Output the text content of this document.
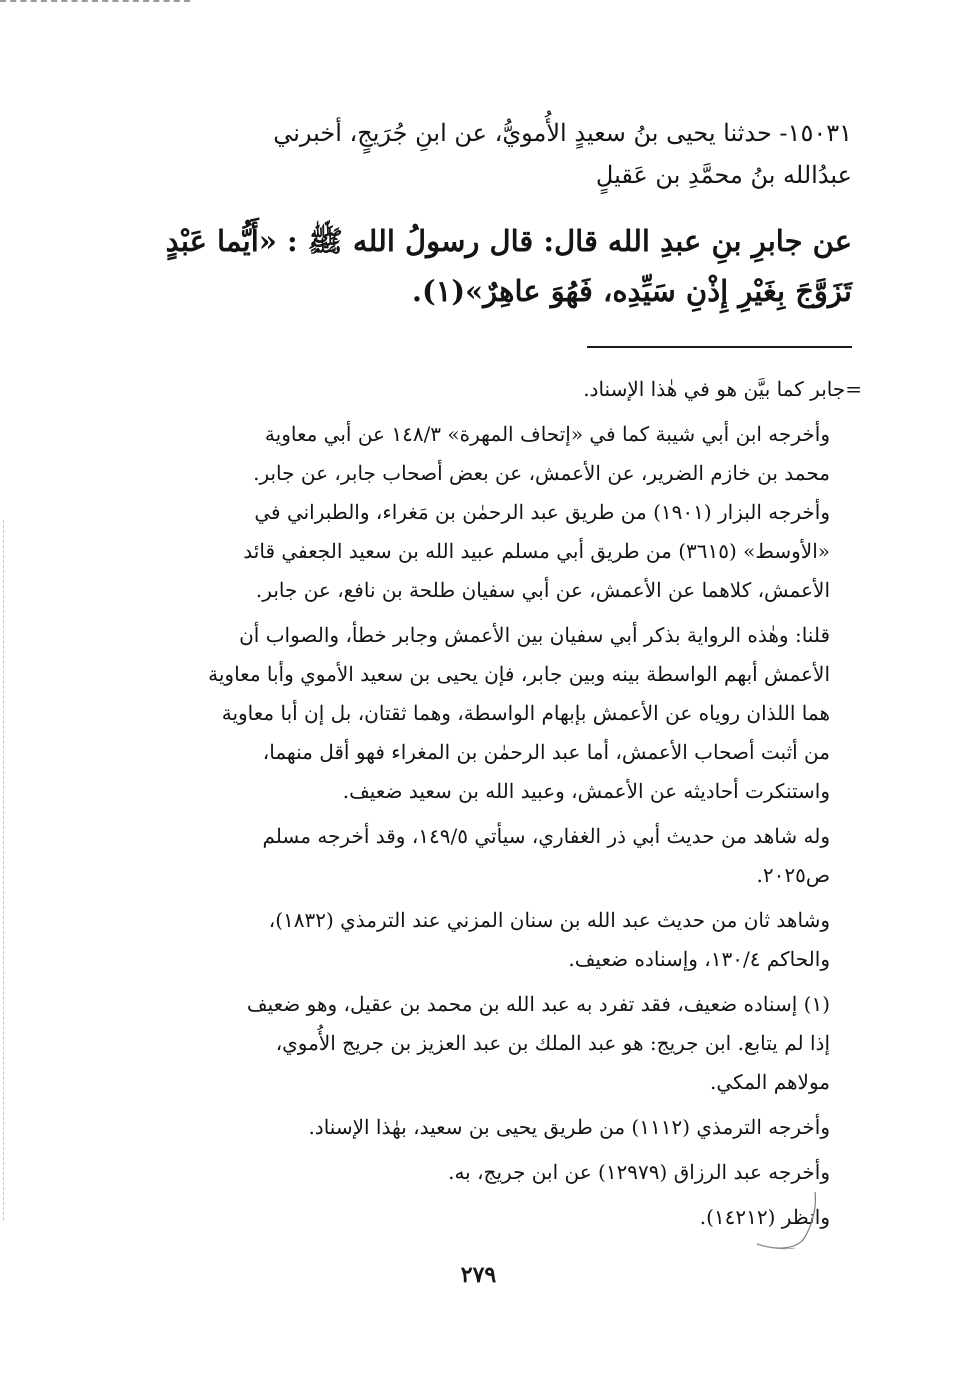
١٥٠٣١- حدثنا يحيى بنُ سعيدٍ الأُمويُّ، عن ابنِ جُرَيجٍ، أخبرني
عبدُالله بنُ محمَّدِ بن عَقيلٍ
عن جابرِ بنِ عبدِ الله قال: قال رسولُ الله ﷺ : «أَيُّما عَبْدٍ
تَزَوَّجَ بِغَيْرِ إِذْنِ سَيِّدِه، فَهُوَ عاهِرٌ»(١).
=جابر كما بيَّن هو في هٰذا الإسناد.
وأخرجه ابن أبي شيبة كما في «إتحاف المهرة» ١٤٨/٣ عن أبي معاوية
محمد بن خازم الضرير، عن الأعمش، عن بعض أصحاب جابر، عن جابر.
وأخرجه البزار (١٩٠١) من طريق عبد الرحمٰن بن مَغراء، والطبراني في
«الأوسط» (٣٦١٥) من طريق أبي مسلم عبيد الله بن سعيد الجعفي قائد
الأعمش، كلاهما عن الأعمش، عن أبي سفيان طلحة بن نافع، عن جابر.
قلنا: وهٰذه الرواية بذكر أبي سفيان بين الأعمش وجابر خطأ، والصواب أن
الأعمش أبهم الواسطة بينه وبين جابر، فإن يحيى بن سعيد الأموي وأبا معاوية
هما اللذان روياه عن الأعمش بإبهام الواسطة، وهما ثقتان، بل إن أبا معاوية
من أثبت أصحاب الأعمش، أما عبد الرحمٰن بن المغراء فهو أقل منهما،
واستنكرت أحاديثه عن الأعمش، وعبيد الله بن سعيد ضعيف.
وله شاهد من حديث أبي ذر الغفاري، سيأتي ١٤٩/٥، وقد أخرجه مسلم
ص٢٠٢٥.
وشاهد ثان من حديث عبد الله بن سنان المزني عند الترمذي (١٨٣٢)،
والحاكم ١٣٠/٤، وإسناده ضعيف.
(١) إسناده ضعيف، فقد تفرد به عبد الله بن محمد بن عقيل، وهو ضعيف
إذا لم يتابع. ابن جريج: هو عبد الملك بن عبد العزيز بن جريج الأُموي،
مولاهم المكي.
وأخرجه الترمذي (١١١٢) من طريق يحيى بن سعيد، بهٰذا الإسناد.
وأخرجه عبد الرزاق (١٢٩٧٩) عن ابن جريج، به.
وانظر (١٤٢١٢).
٢٧٩
